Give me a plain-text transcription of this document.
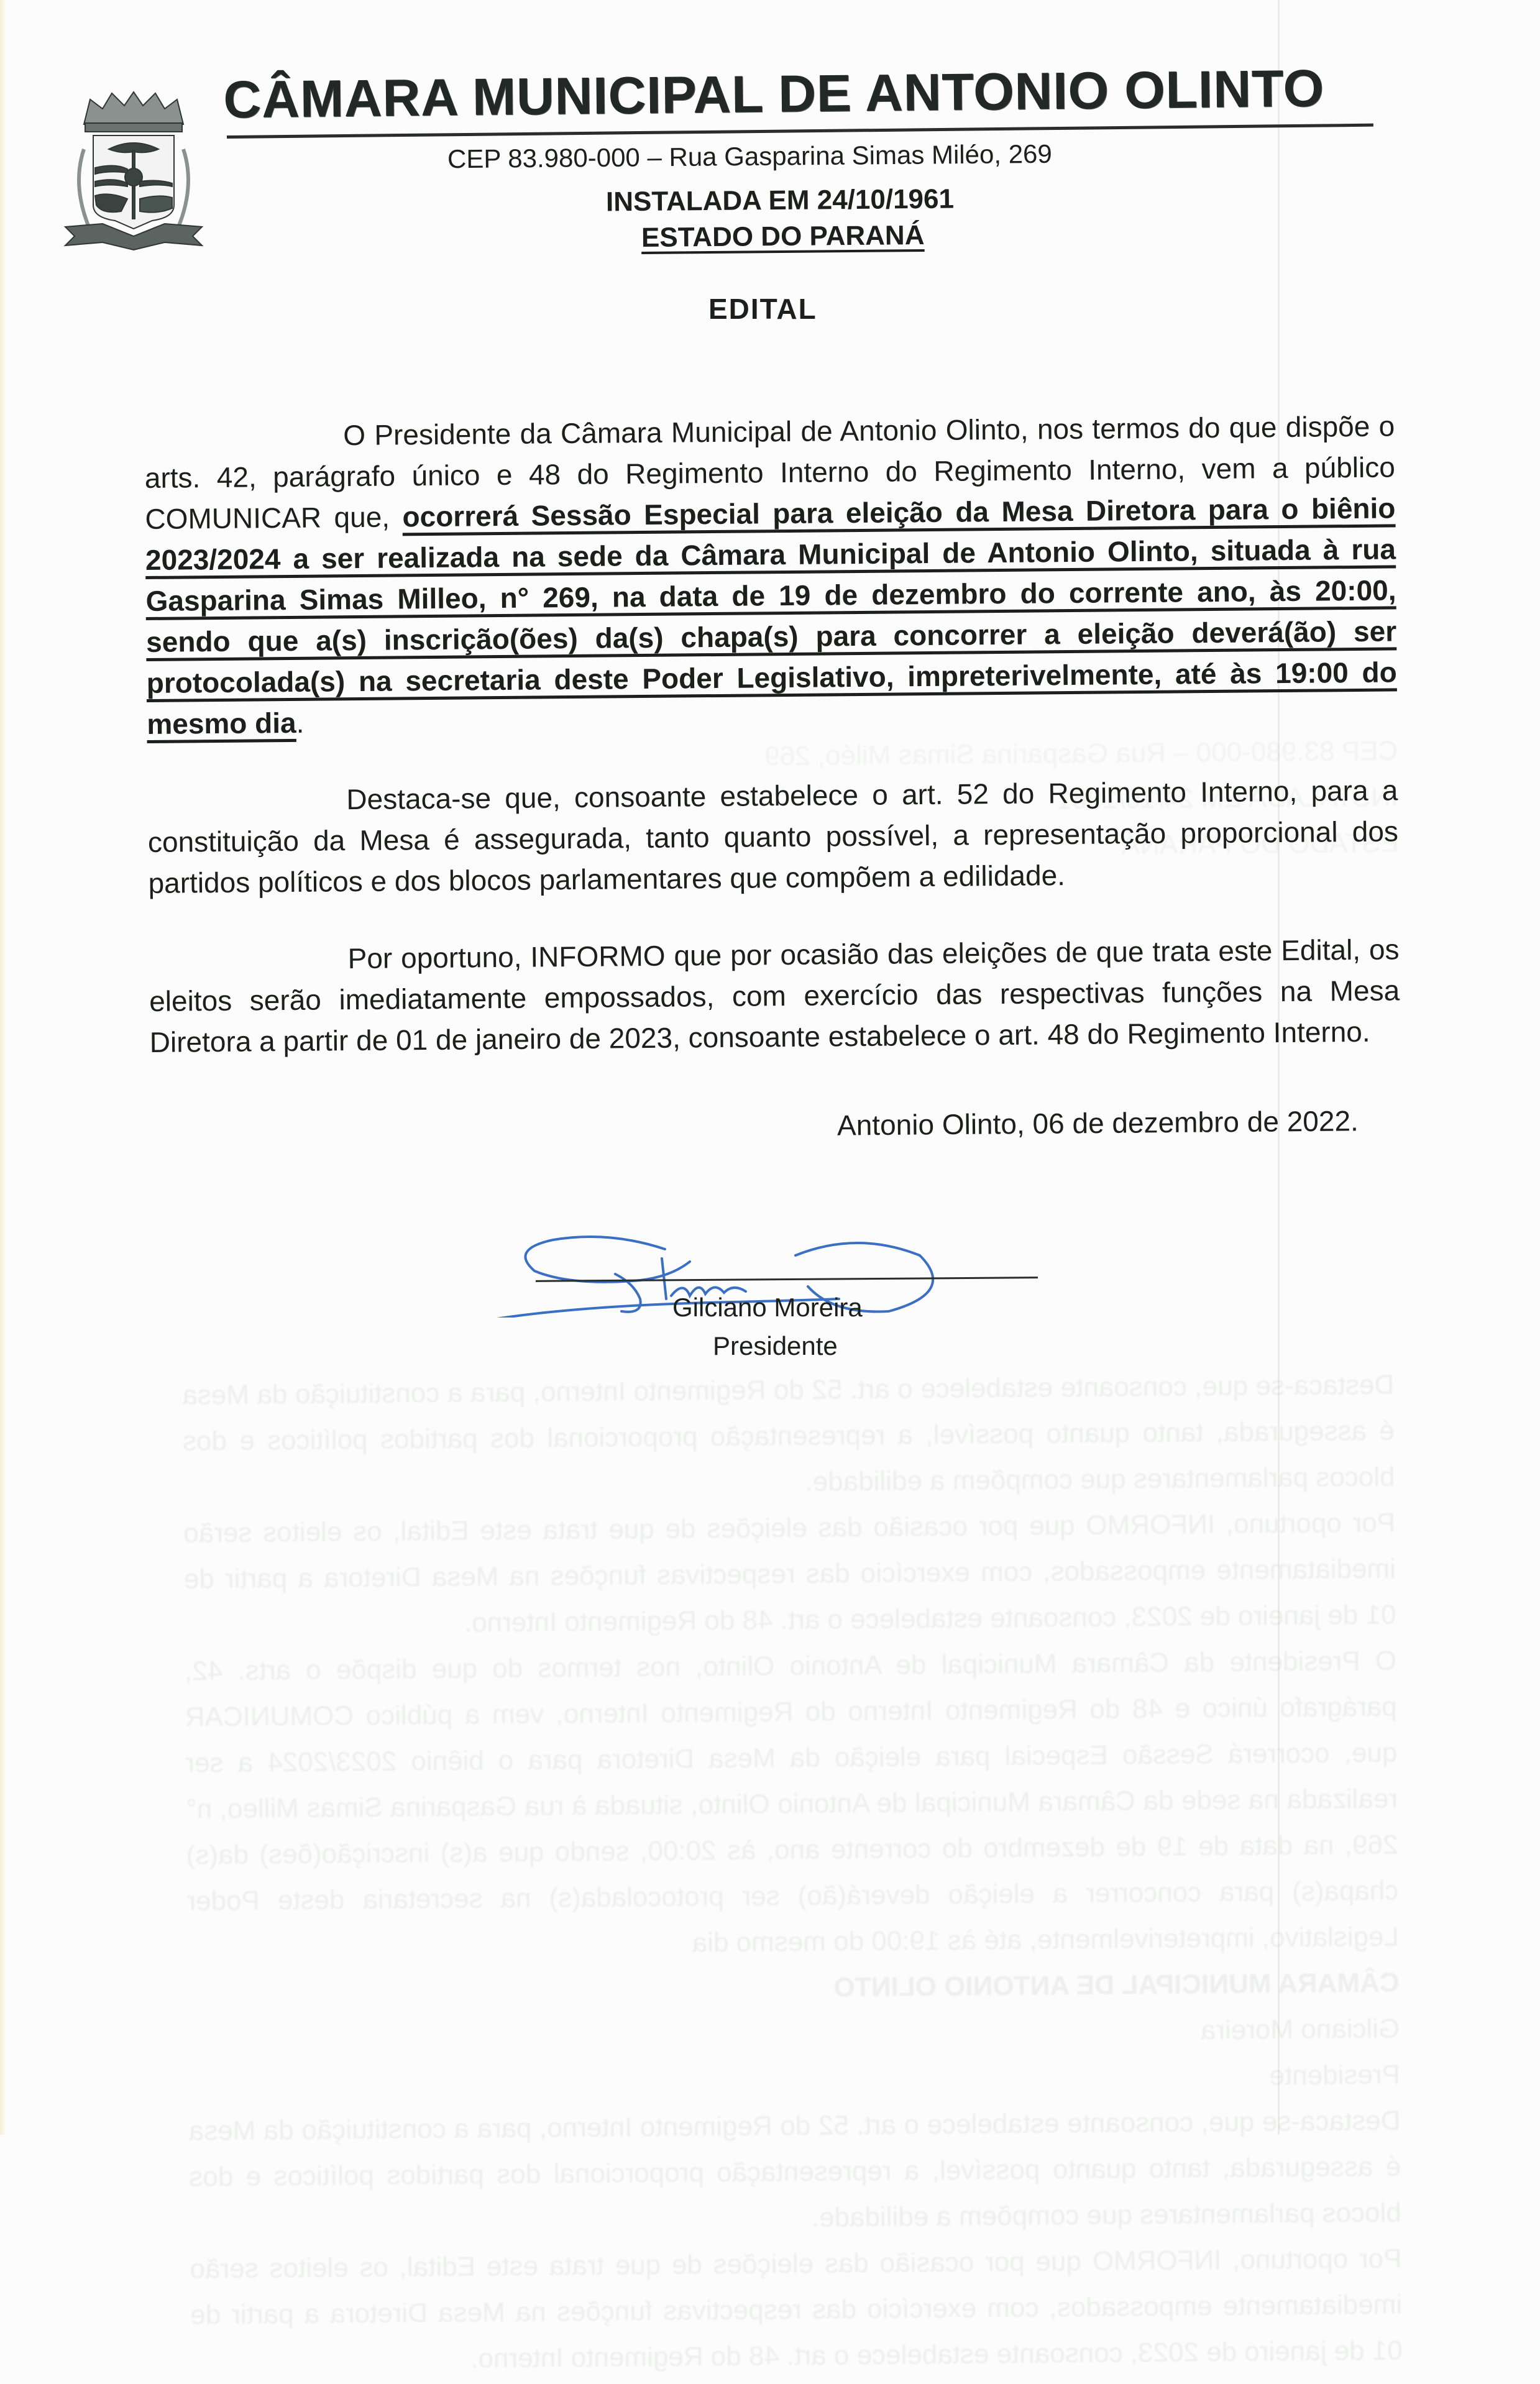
Destaca-se que, consoante estabelece o art. 52 do Regimento Interno, para a constituição da Mesa é assegurada, tanto quanto possível, a representação proporcional dos partidos políticos e dos blocos parlamentares que compõem a edilidade.
Por oportuno, INFORMO que por ocasião das eleições de que trata este Edital, os eleitos serão imediatamente empossados, com exercício das respectivas funções na Mesa Diretora a partir de 01 de janeiro de 2023, consoante estabelece o art. 48 do Regimento Interno.
O Presidente da Câmara Municipal de Antonio Olinto, nos termos do que dispõe o arts. 42, parágrafo único e 48 do Regimento Interno do Regimento Interno, vem a público COMUNICAR que, ocorrerá Sessão Especial para eleição da Mesa Diretora para o biênio 2023/2024 a ser realizada na sede da Câmara Municipal de Antonio Olinto, situada à rua Gasparina Simas Milleo, n° 269, na data de 19 de dezembro do corrente ano, às 20:00, sendo que a(s) inscrição(ões) da(s) chapa(s) para concorrer a eleição deverá(ão) ser protocolada(s) na secretaria deste Poder Legislativo, impreterivelmente, até às 19:00 do mesmo dia
CÂMARA MUNICIPAL DE ANTONIO OLINTO
Gilciano Moreira
Presidente
Destaca-se que, consoante estabelece o art. 52 do Regimento Interno, para a constituição da Mesa é assegurada, tanto quanto possível, a representação proporcional dos partidos políticos e dos blocos parlamentares que compõem a edilidade.
Por oportuno, INFORMO que por ocasião das eleições de que trata este Edital, os eleitos serão imediatamente empossados, com exercício das respectivas funções na Mesa Diretora a partir de 01 de janeiro de 2023, consoante estabelece o art. 48 do Regimento Interno.

CÂMARA MUNICIPAL DE ANTONIO OLINTO
CEP 83.980-000 – Rua Gasparina Simas Miléo, 269
INSTALADA EM 24/10/1961
ESTADO DO PARANÁ
EDITAL

O Presidente da Câmara Municipal de Antonio Olinto, nos termos do que dispõe o arts. 42, parágrafo único e 48 do Regimento Interno do Regimento Interno, vem a público COMUNICAR que, ocorrerá Sessão Especial para eleição da Mesa Diretora para o biênio 2023/2024 a ser realizada na sede da Câmara Municipal de Antonio Olinto, situada à rua Gasparina Simas Milleo, n° 269, na data de 19 de dezembro do corrente ano, às 20:00, sendo que a(s) inscrição(ões) da(s) chapa(s) para concorrer a eleição deverá(ão) ser protocolada(s) na secretaria deste Poder Legislativo, impreterivelmente, até às 19:00 do mesmo dia.

Destaca-se que, consoante estabelece o art. 52 do Regimento Interno, para a constituição da Mesa é assegurada, tanto quanto possível, a representação proporcional dos partidos políticos e dos blocos parlamentares que compõem a edilidade.

Por oportuno, INFORMO que por ocasião das eleições de que trata este Edital, os eleitos serão imediatamente empossados, com exercício das respectivas funções na Mesa Diretora a partir de 01 de janeiro de 2023, consoante estabelece o art. 48 do Regimento Interno.

Antonio Olinto, 06 de dezembro de 2022.
Gilciano Moreira
Presidente
